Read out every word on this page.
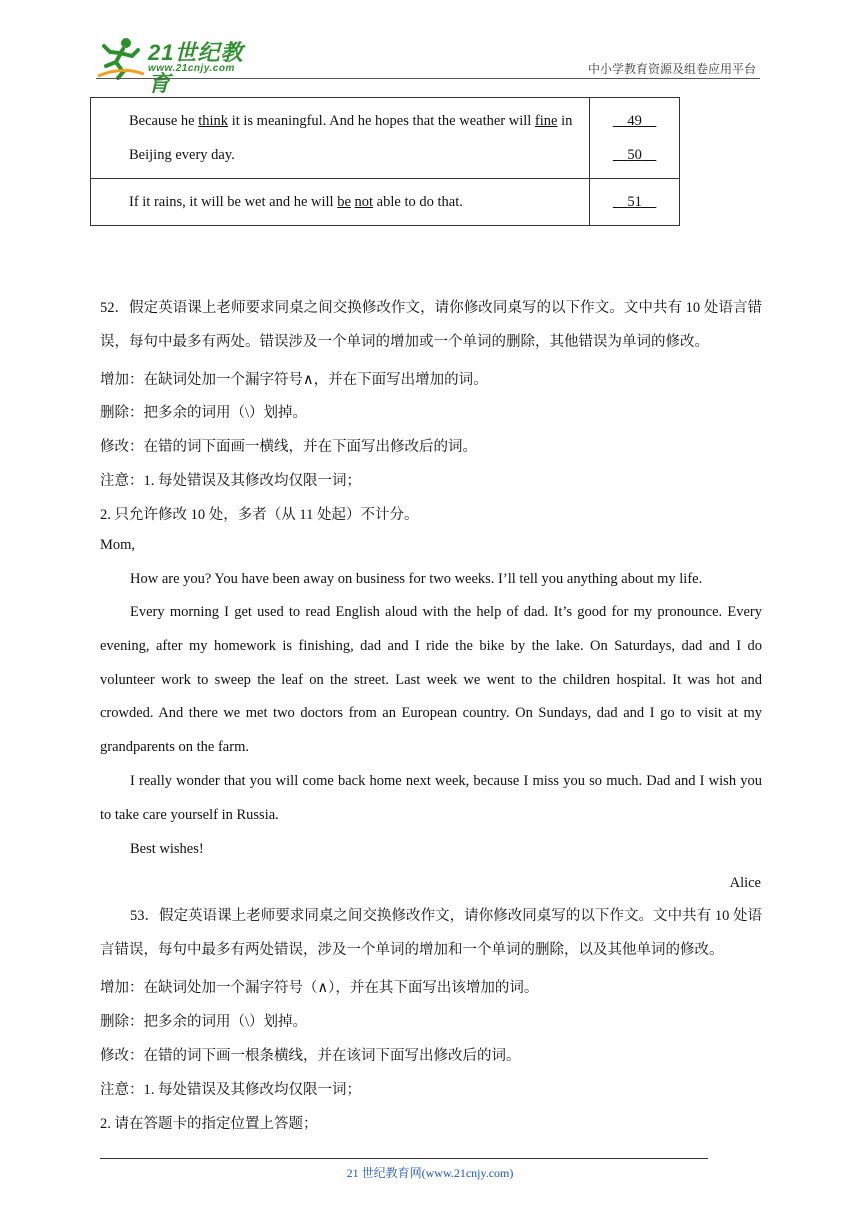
21世纪教育
www.21cnjy.com	中小学教育资源及组卷应用平台
Because he think it is meaningful. And he hopes that the weather will fine in Beijing every day.	49
50

If it rains, it will be wet and he will be not able to do that.	51
52．假定英语课上老师要求同桌之间交换修改作文，请你修改同桌写的以下作文。文中共有 10 处语言错误，每句中最多有两处。错误涉及一个单词的增加或一个单词的删除，其他错误为单词的修改。
增加：在缺词处加一个漏字符号∧，并在下面写出增加的词。
删除：把多余的词用（\）划掉。
修改：在错的词下面画一横线，并在下面写出修改后的词。
注意：1. 每处错误及其修改均仅限一词；
2. 只允许修改 10 处，多者（从 11 处起）不计分。
Mom,
How are you? You have been away on business for two weeks. I’ll tell you anything about my life.
Every morning I get used to read English aloud with the help of dad. It’s good for my pronounce. Every evening, after my homework is finishing, dad and I ride the bike by the lake. On Saturdays, dad and I do volunteer work to sweep the leaf on the street. Last week we went to the children hospital. It was hot and crowded. And there we met two doctors from an European country. On Sundays, dad and I go to visit at my grandparents on the farm.
I really wonder that you will come back home next week, because I miss you so much. Dad and I wish you to take care yourself in Russia.
Best wishes!
Alice
53．假定英语课上老师要求同桌之间交换修改作文，请你修改同桌写的以下作文。文中共有 10 处语言错误，每句中最多有两处错误，涉及一个单词的增加和一个单词的删除，以及其他单词的修改。
增加：在缺词处加一个漏字符号（∧），并在其下面写出该增加的词。
删除：把多余的词用（\）划掉。
修改：在错的词下画一根条横线，并在该词下面写出修改后的词。
注意：1. 每处错误及其修改均仅限一词；
2. 请在答题卡的指定位置上答题；
21 世纪教育网(www.21cnjy.com)
